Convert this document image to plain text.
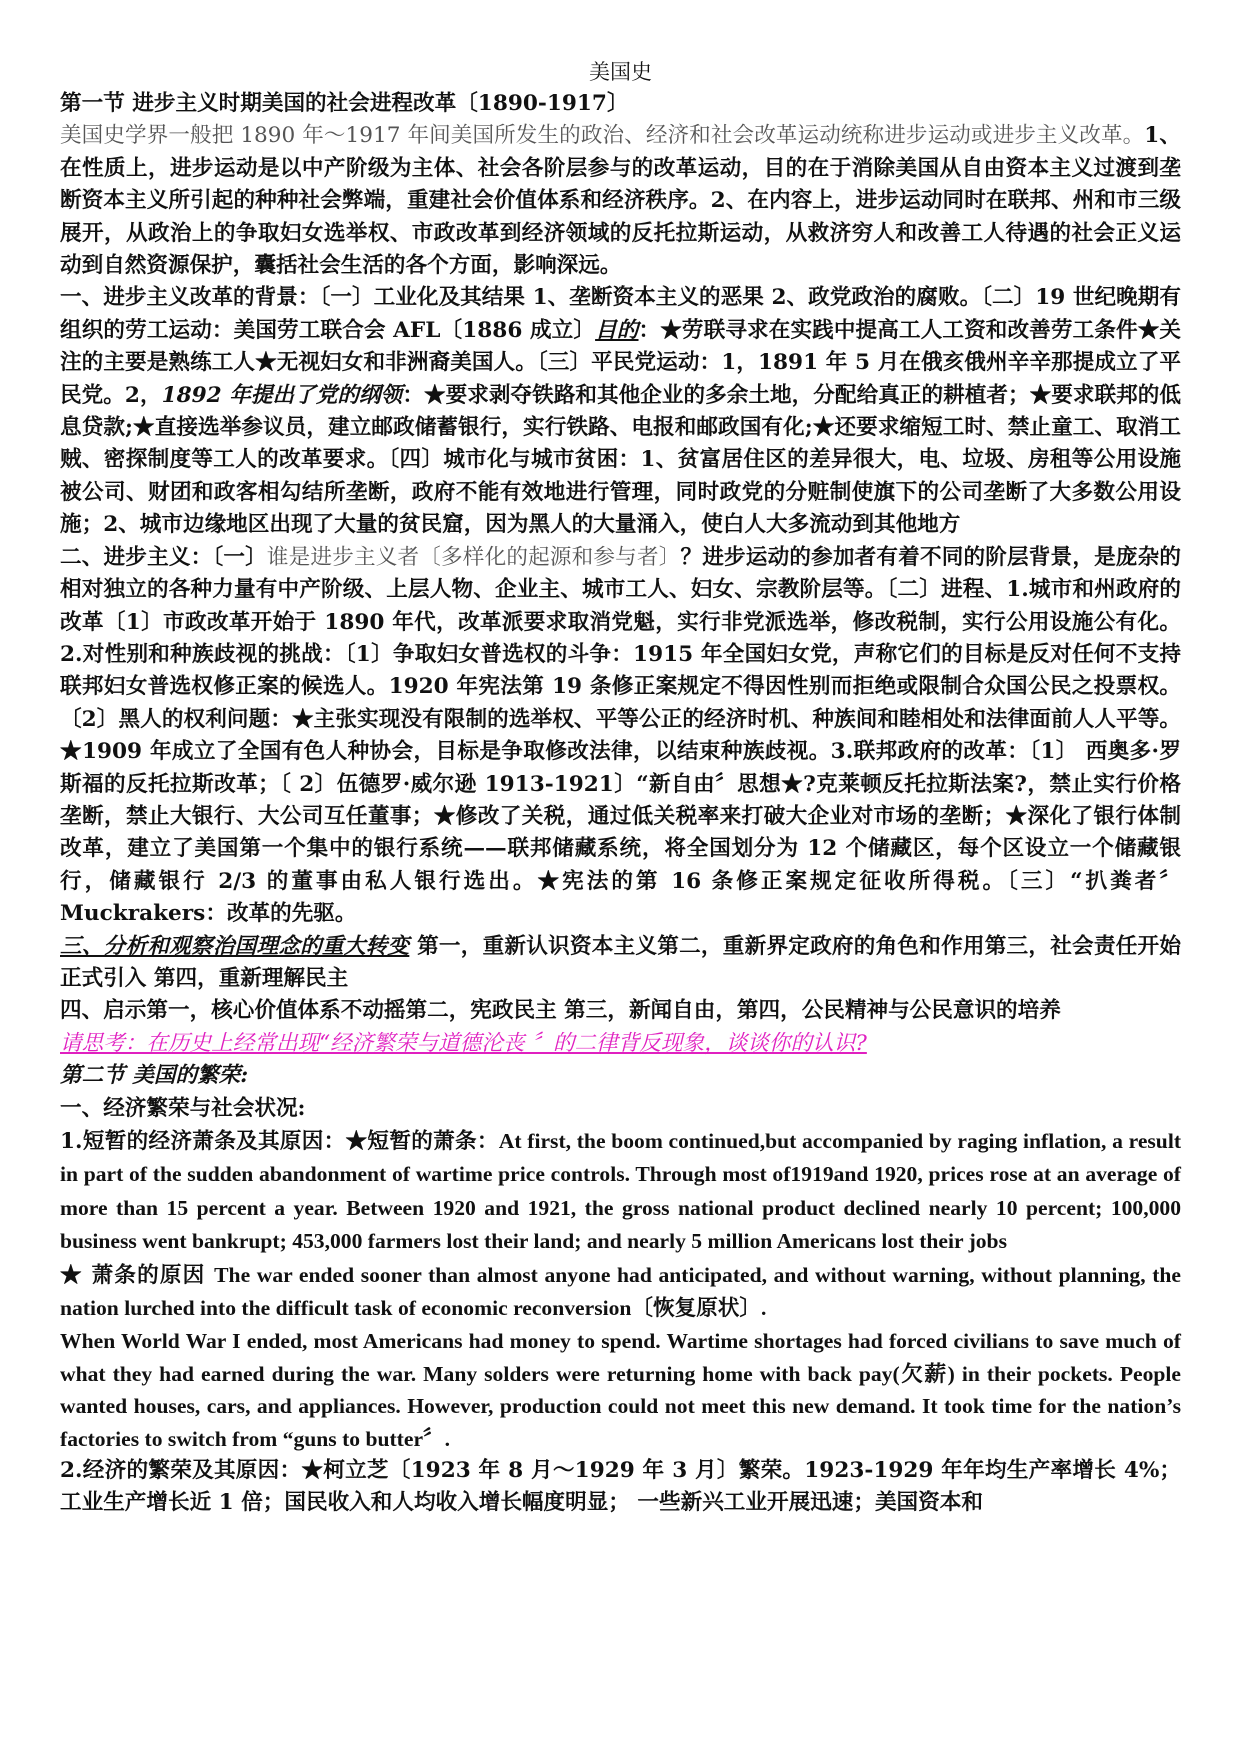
美国史
第一节 进步主义时期美国的社会进程改革〔1890-1917〕

美国史学界一般把 1890 年～1917 年间美国所发生的政治、经济和社会改革运动统称进步运动或进步主义改革。1、在性质上，进步运动是以中产阶级为主体、社会各阶层参与的改革运动，目的在于消除美国从自由资本主义过渡到垄断资本主义所引起的种种社会弊端，重建社会价值体系和经济秩序。2、在内容上，进步运动同时在联邦、州和市三级展开，从政治上的争取妇女选举权、市政改革到经济领域的反托拉斯运动，从救济穷人和改善工人待遇的社会正义运动到自然资源保护，囊括社会生活的各个方面，影响深远。

一、进步主义改革的背景：〔一〕工业化及其结果 1、垄断资本主义的恶果 2、政党政治的腐败。〔二〕19 世纪晚期有组织的劳工运动：美国劳工联合会 AFL〔1886 成立〕目的：★劳联寻求在实践中提高工人工资和改善劳工条件★关注的主要是熟练工人★无视妇女和非洲裔美国人。〔三〕平民党运动：1，1891 年 5 月在俄亥俄州辛辛那提成立了平民党。2，1892 年提出了党的纲领：★要求剥夺铁路和其他企业的多余土地，分配给真正的耕植者；★要求联邦的低息贷款;★直接选举参议员，建立邮政储蓄银行，实行铁路、电报和邮政国有化;★还要求缩短工时、禁止童工、取消工贼、密探制度等工人的改革要求。〔四〕城市化与城市贫困：1、贫富居住区的差异很大，电、垃圾、房租等公用设施被公司、财团和政客相勾结所垄断，政府不能有效地进行管理，同时政党的分赃制使旗下的公司垄断了大多数公用设施；2、城市边缘地区出现了大量的贫民窟，因为黑人的大量涌入，使白人大多流动到其他地方

二、进步主义：〔一〕谁是进步主义者〔多样化的起源和参与者〕？进步运动的参加者有着不同的阶层背景，是庞杂的相对独立的各种力量有中产阶级、上层人物、企业主、城市工人、妇女、宗教阶层等。〔二〕进程、1.城市和州政府的改革〔1〕市政改革开始于 1890 年代，改革派要求取消党魁，实行非党派选举，修改税制，实行公用设施公有化。2.对性别和种族歧视的挑战：〔1〕争取妇女普选权的斗争：1915 年全国妇女党，声称它们的目标是反对任何不支持联邦妇女普选权修正案的候选人。1920 年宪法第 19 条修正案规定不得因性别而拒绝或限制合众国公民之投票权。〔2〕黑人的权利问题：★主张实现没有限制的选举权、平等公正的经济时机、种族间和睦相处和法律面前人人平等。★1909 年成立了全国有色人种协会，目标是争取修改法律，以结束种族歧视。3.联邦政府的改革：〔1〕 西奥多·罗斯福的反托拉斯改革；〔 2〕伍德罗·威尔逊 1913-1921〕“新自由〞思想★?克莱顿反托拉斯法案?，禁止实行价格垄断，禁止大银行、大公司互任董事；★修改了关税，通过低关税率来打破大企业对市场的垄断；★深化了银行体制改革，建立了美国第一个集中的银行系统——联邦储藏系统，将全国划分为 12 个储藏区，每个区设立一个储藏银行，储藏银行 2/3 的董事由私人银行选出。★宪法的第 16 条修正案规定征收所得税。〔三〕“扒粪者〞Muckrakers：改革的先驱。

三、分析和观察治国理念的重大转变 第一，重新认识资本主义第二，重新界定政府的角色和作用第三，社会责任开始正式引入 第四，重新理解民主

四、启示第一，核心价值体系不动摇第二，宪政民主 第三，新闻自由，第四，公民精神与公民意识的培养

请思考：在历史上经常出现“经济繁荣与道德沦丧 〞的二律背反现象，谈谈你的认识?

第二节 美国的繁荣:
一、经济繁荣与社会状况:

1.短暂的经济萧条及其原因：★短暂的萧条：At first, the boom continued,but accompanied by raging inflation, a result in part of the sudden abandonment of wartime price controls. Through most of1919and 1920, prices rose at an average of more than 15 percent a year. Between 1920 and 1921, the gross national product declined nearly 10 percent; 100,000 business went bankrupt; 453,000 farmers lost their land; and nearly 5 million Americans lost their jobs

★ 萧条的原因 The war ended sooner than almost anyone had anticipated, and without warning, without planning, the nation lurched into the difficult task of economic reconversion〔恢复原状〕.

When World War I ended, most Americans had money to spend. Wartime shortages had forced civilians to save much of what they had earned during the war. Many solders were returning home with back pay(欠薪) in their pockets. People wanted houses, cars, and appliances. However, production could not meet this new demand. It took time for the nation’s factories to switch from “guns to butter〞.

2.经济的繁荣及其原因：★柯立芝〔1923 年 8 月～1929 年 3 月〕繁荣。1923-1929 年年均生产率增长 4%；工业生产增长近 1 倍；国民收入和人均收入增长幅度明显； 一些新兴工业开展迅速；美国资本和
